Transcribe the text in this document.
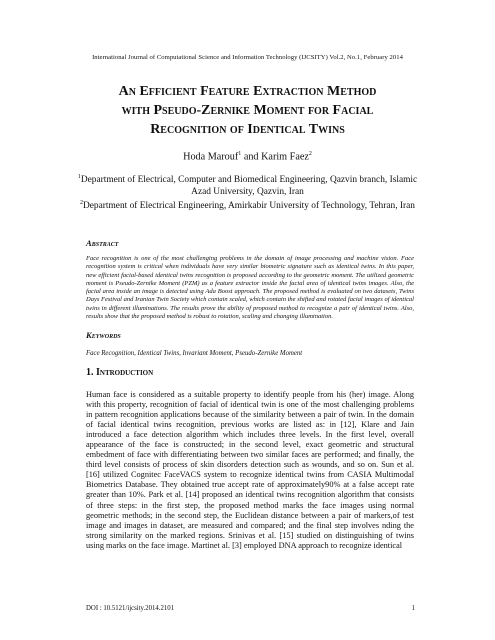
International Journal of Computational Science and Information Technology (IJCSITY) Vol.2, No.1, February 2014
An Efficient Feature Extraction Method
with Pseudo-Zernike Moment for Facial
Recognition of Identical Twins
Hoda Marouf$^1$ and Karim Faez$^2$
$^1$Department of Electrical, Computer and Biomedical Engineering, Qazvin branch, Islamic Azad University, Qazvin, Iran
$^2$Department of Electrical Engineering, Amirkabir University of Technology, Tehran, Iran
Abstract
Face recognition is one of the most challenging problems in the domain of image processing and machine vision. Face recognition system is critical when individuals have very similar biometric signature such as identical twins. In this paper, new efficient facial-based identical twins recognition is proposed according to the geometric moment. The utilized geometric moment is Pseudo-Zernike Moment (PZM) as a feature extractor inside the facial area of identical twins images. Also, the facial area inside an image is detected using Ada Boost approach. The proposed method is evaluated on two datasets, Twins Days Festival and Iranian Twin Society which contain scaled, which contain the shifted and rotated facial images of identical twins in different illuminations. The results prove the ability of proposed method to recognize a pair of identical twins. Also, results show that the proposed method is robust to rotation, scaling and changing illumination.
Keywords
Face Recognition, Identical Twins, Invariant Moment, Pseudo-Zernike Moment
1. Introduction
Human face is considered as a suitable property to identify people from his (her) image. Along with this property, recognition of facial of identical twin is one of the most challenging problems in pattern recognition applications because of the similarity between a pair of twin. In the domain of facial identical twins recognition, previous works are listed as: in [12], Klare and Jain introduced a face detection algorithm which includes three levels. In the first level, overall appearance of the face is constructed; in the second level, exact geometric and structural embedment of face with differentiating between two similar faces are performed; and finally, the third level consists of process of skin disorders detection such as wounds, and so on. Sun et al. [16] utilized Cognitec FaceVACS system to recognize identical twins from CASIA Multimodal Biometrics Database. They obtained true accept rate of approximately90% at a false accept rate greater than 10%. Park et al. [14] proposed an identical twins recognition algorithm that consists of three steps: in the first step, the proposed method marks the face images using normal geometric methods; in the second step, the Euclidean distance between a pair of markers,of test image and images in dataset, are measured and compared; and the final step involves nding the strong similarity on the marked regions. Srinivas et al. [15] studied on distinguishing of twins using marks on the face image. Martinet al. [3] employed DNA approach to recognize identical
DOI : 10.5121/ijcsity.2014.2101	1
